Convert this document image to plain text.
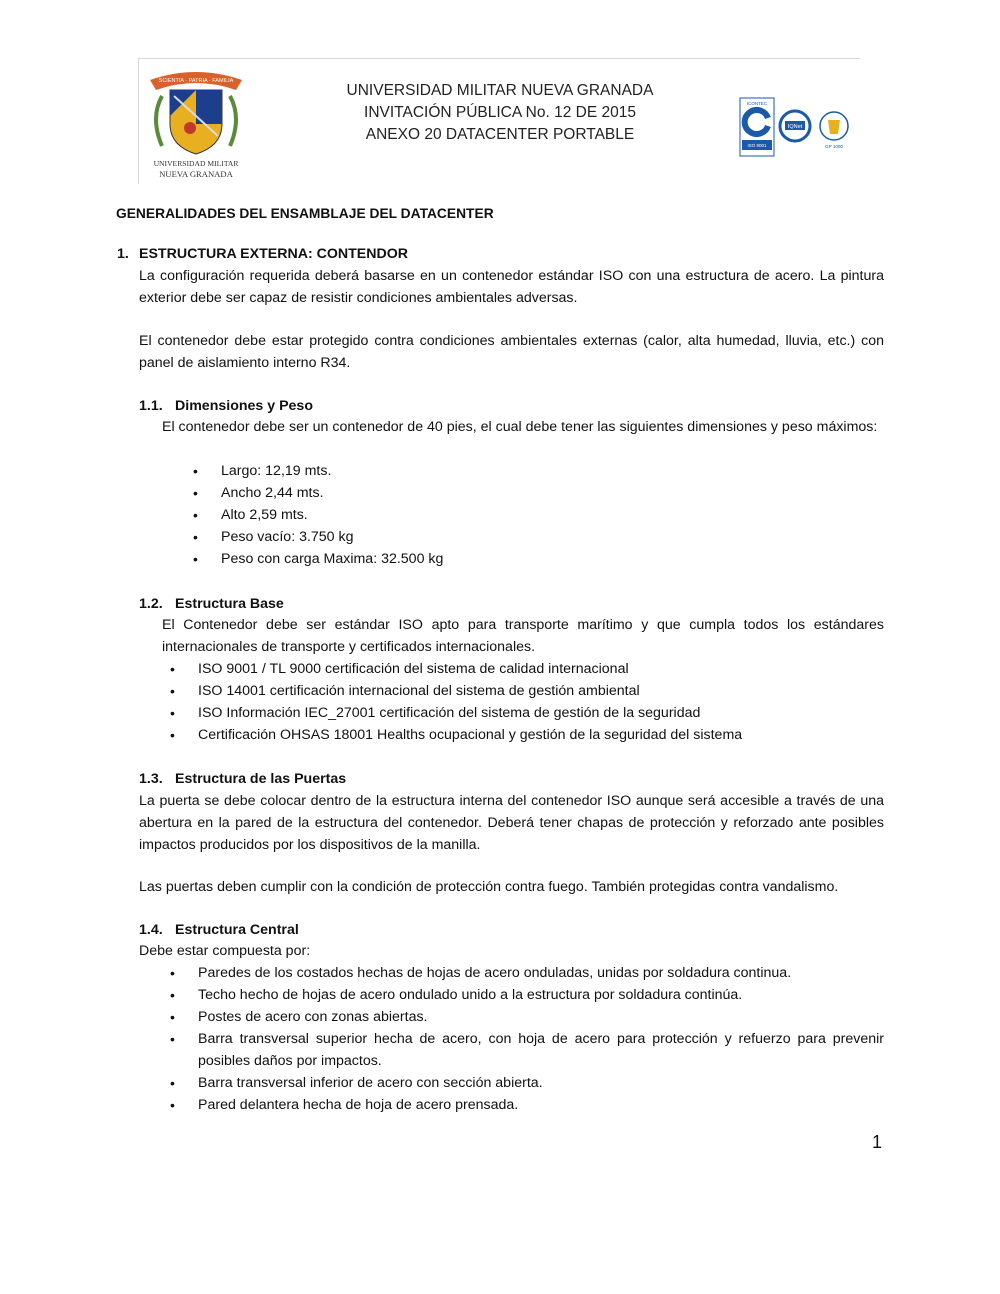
SCIENTIA · PATRIA · FAMILIA
UNIVERSIDAD MILITAR
NUEVA GRANADA
UNIVERSIDAD MILITAR NUEVA GRANADA
INVITACIÓN PÚBLICA No. 12 DE 2015
ANEXO 20 DATACENTER PORTABLE
ICONTEC
ISO 9001
IQNet
GP 1000
GENERALIDADES DEL ENSAMBLAJE DEL DATACENTER
1. ESTRUCTURA EXTERNA: CONTENDOR
La configuración requerida deberá basarse en un contenedor estándar ISO con una estructura de acero. La pintura exterior debe ser capaz de resistir condiciones ambientales adversas.
El contenedor debe estar protegido contra condiciones ambientales externas (calor, alta humedad, lluvia, etc.) con panel de aislamiento interno R34.
1.1. Dimensiones y Peso
El contenedor debe ser un contenedor de 40 pies, el cual debe tener las siguientes dimensiones y peso máximos:
• Largo: 12,19 mts.
• Ancho 2,44 mts.
• Alto 2,59 mts.
• Peso vacío: 3.750 kg
• Peso con carga Maxima: 32.500 kg
1.2. Estructura Base
El Contenedor debe ser estándar ISO apto para transporte marítimo y que cumpla todos los estándares internacionales de transporte y certificados internacionales.
• ISO 9001 / TL 9000 certificación del sistema de calidad internacional
• ISO 14001 certificación internacional del sistema de gestión ambiental
• ISO Información IEC_27001 certificación del sistema de gestión de la seguridad
• Certificación OHSAS 18001 Healths ocupacional y gestión de la seguridad del sistema
1.3. Estructura de las Puertas
La puerta se debe colocar dentro de la estructura interna del contenedor ISO aunque será accesible a través de una abertura en la pared de la estructura del contenedor. Deberá tener chapas de protección y reforzado ante posibles impactos producidos por los dispositivos de la manilla.
Las puertas deben cumplir con la condición de protección contra fuego. También protegidas contra vandalismo.
1.4. Estructura Central
Debe estar compuesta por:
• Paredes de los costados hechas de hojas de acero onduladas, unidas por soldadura continua.
• Techo hecho de hojas de acero ondulado unido a la estructura por soldadura continúa.
• Postes de acero con zonas abiertas.
• Barra transversal superior hecha de acero, con hoja de acero para protección y refuerzo para prevenir posibles daños por impactos.
• Barra transversal inferior de acero con sección abierta.
• Pared delantera hecha de hoja de acero prensada.
1
